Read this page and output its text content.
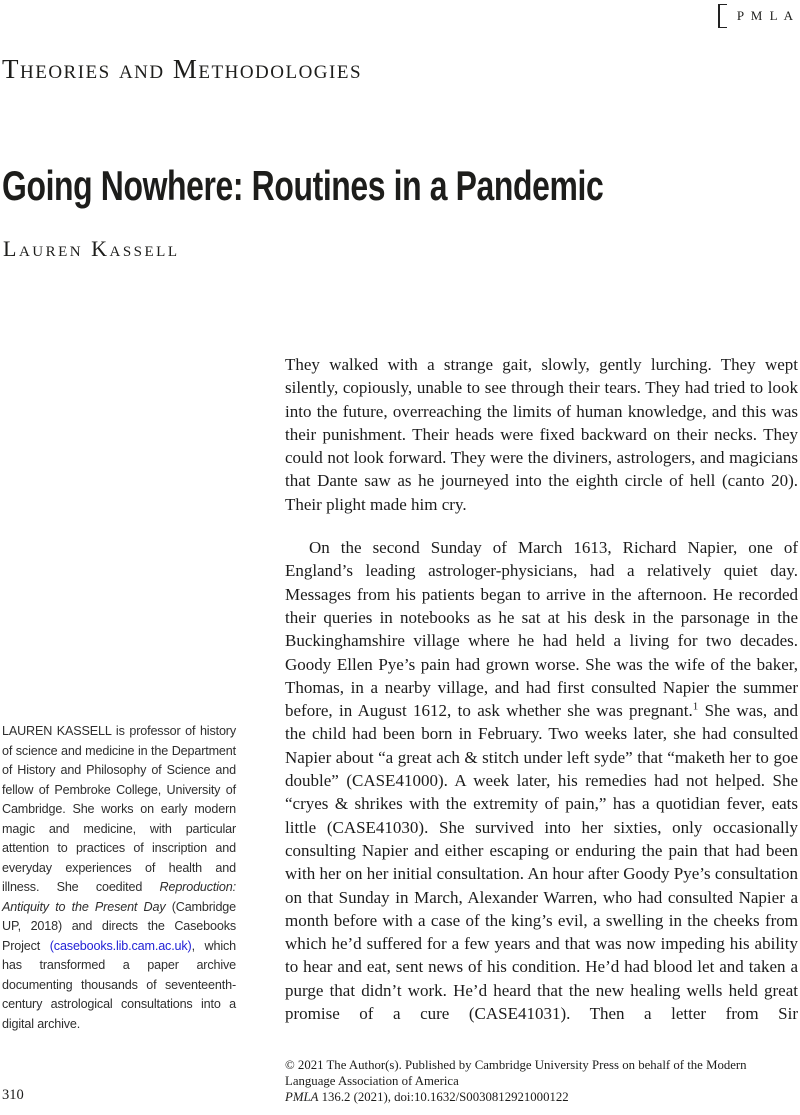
P M L A
Theories and Methodologies
Going Nowhere: Routines in a Pandemic
Lauren Kassell
LAUREN KASSELL is professor of history of science and medicine in the Department of History and Philosophy of Science and fellow of Pembroke College, University of Cambridge. She works on early modern magic and medicine, with particular attention to practices of inscription and everyday experiences of health and illness. She coedited Reproduction: Antiquity to the Present Day (Cambridge UP, 2018) and directs the Casebooks Project (casebooks.lib.cam.ac.uk), which has transformed a paper archive documenting thousands of seventeenth-century astrological consultations into a digital archive.

They walked with a strange gait, slowly, gently lurching. They wept silently, copiously, unable to see through their tears. They had tried to look into the future, overreaching the limits of human knowledge, and this was their punishment. Their heads were fixed backward on their necks. They could not look forward. They were the diviners, astrologers, and magicians that Dante saw as he journeyed into the eighth circle of hell (canto 20). Their plight made him cry.

On the second Sunday of March 1613, Richard Napier, one of England’s leading astrologer-physicians, had a relatively quiet day. Messages from his patients began to arrive in the afternoon. He recorded their queries in notebooks as he sat at his desk in the parsonage in the Buckinghamshire village where he had held a living for two decades. Goody Ellen Pye’s pain had grown worse. She was the wife of the baker, Thomas, in a nearby village, and had first consulted Napier the summer before, in August 1612, to ask whether she was pregnant.$^1$ She was, and the child had been born in February. Two weeks later, she had consulted Napier about “a great ach & stitch under left syde” that “maketh her to goe double” (CASE41000). A week later, his remedies had not helped. She “cryes & shrikes with the extremity of pain,” has a quotidian fever, eats little (CASE41030). She survived into her sixties, only occasionally consulting Napier and either escaping or enduring the pain that had been with her on her initial consultation. An hour after Goody Pye’s consultation on that Sunday in March, Alexander Warren, who had consulted Napier a month before with a case of the king’s evil, a swelling in the cheeks from which he’d suffered for a few years and that was now impeding his ability to hear and eat, sent news of his condition. He’d had blood let and taken a purge that didn’t work. He’d heard that the new healing wells held great promise of a cure (CASE41031). Then a letter from Sir

© 2021 The Author(s). Published by Cambridge University Press on behalf of the Modern Language Association of America

PMLA 136.2 (2021), doi:10.1632/S0030812921000122

310
